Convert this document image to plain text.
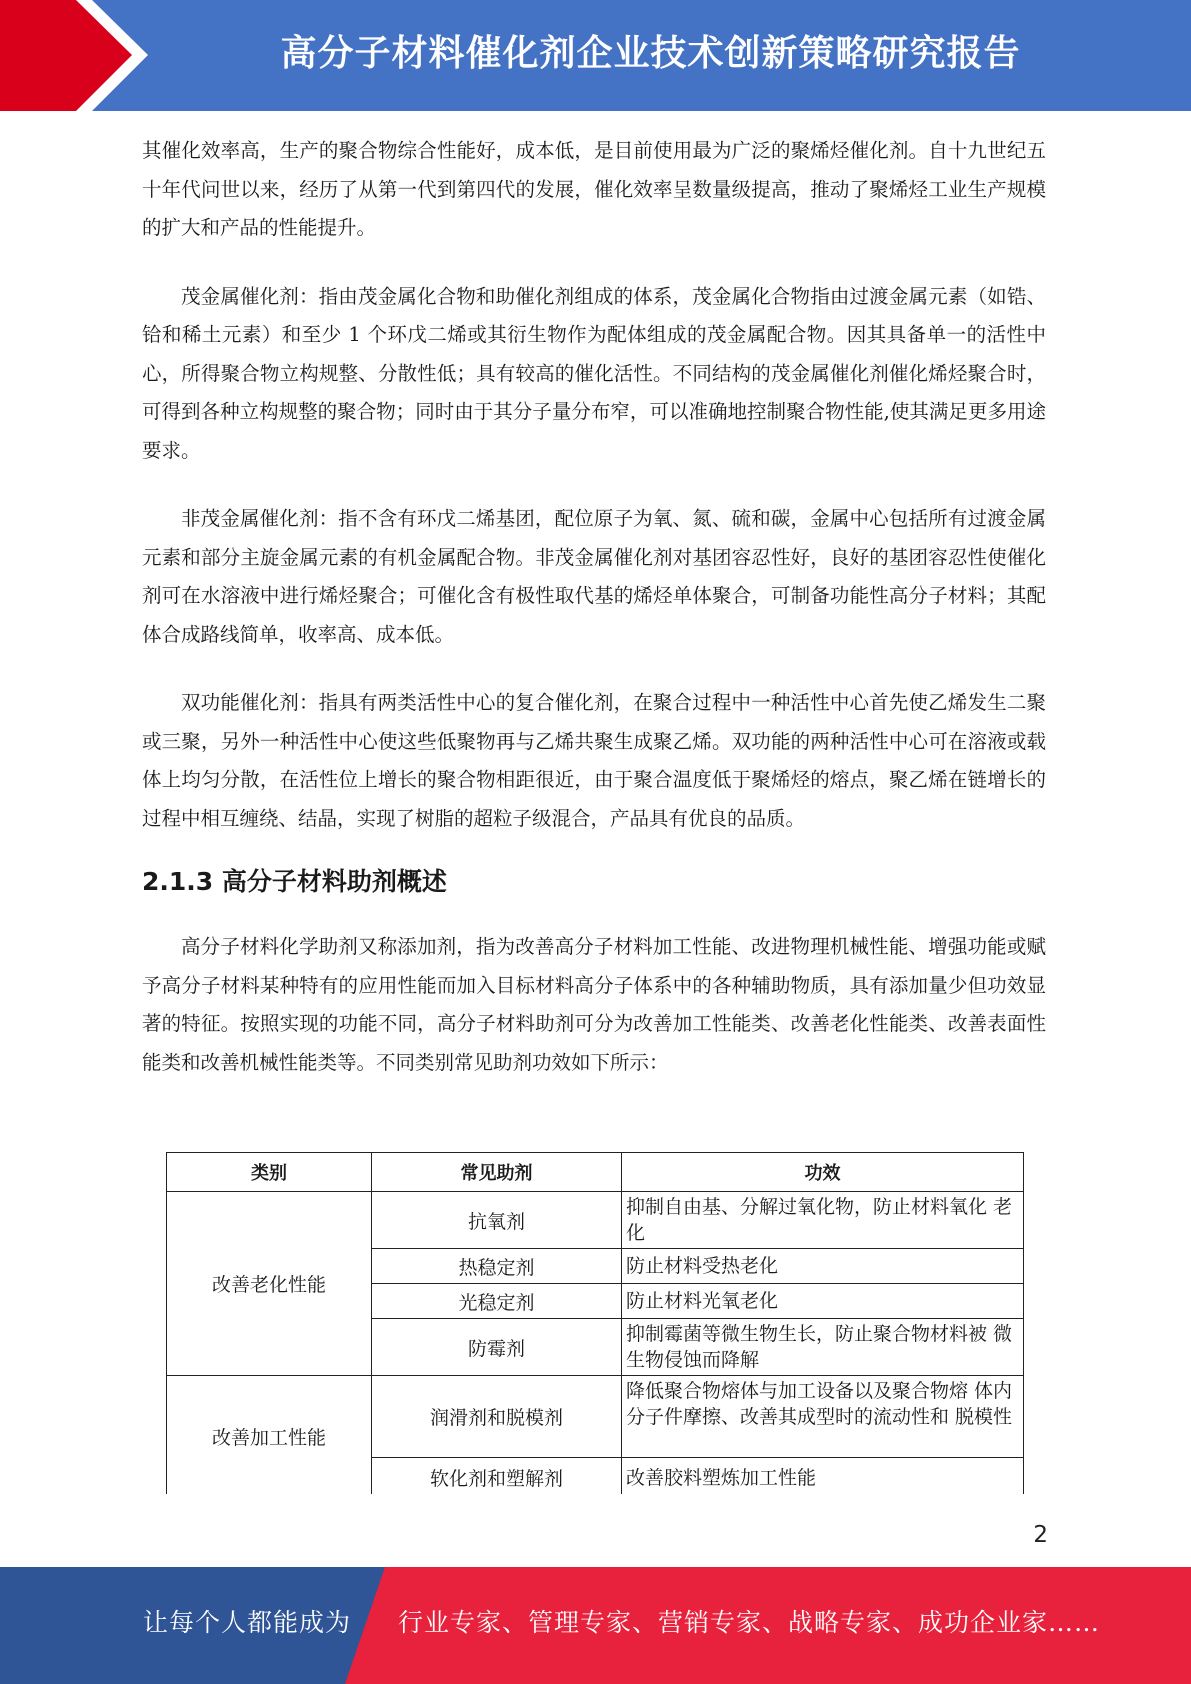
高分子材料催化剂企业技术创新策略研究报告

其催化效率高，生产的聚合物综合性能好，成本低，是目前使用最为广泛的聚烯烃催化剂。自十九世纪五十年代问世以来，经历了从第一代到第四代的发展，催化效率呈数量级提高，推动了聚烯烃工业生产规模的扩大和产品的性能提升。

茂金属催化剂：指由茂金属化合物和助催化剂组成的体系，茂金属化合物指由过渡金属元素（如锆、铪和稀土元素）和至少 1 个环戊二烯或其衍生物作为配体组成的茂金属配合物。因其具备单一的活性中心，所得聚合物立构规整、分散性低；具有较高的催化活性。不同结构的茂金属催化剂催化烯烃聚合时，可得到各种立构规整的聚合物；同时由于其分子量分布窄，可以准确地控制聚合物性能,使其满足更多用途要求。

非茂金属催化剂：指不含有环戊二烯基团，配位原子为氧、氮、硫和碳，金属中心包括所有过渡金属元素和部分主旋金属元素的有机金属配合物。非茂金属催化剂对基团容忍性好，良好的基团容忍性使催化剂可在水溶液中进行烯烃聚合；可催化含有极性取代基的烯烃单体聚合，可制备功能性高分子材料；其配体合成路线简单，收率高、成本低。

双功能催化剂：指具有两类活性中心的复合催化剂，在聚合过程中一种活性中心首先使乙烯发生二聚或三聚，另外一种活性中心使这些低聚物再与乙烯共聚生成聚乙烯。双功能的两种活性中心可在溶液或载体上均匀分散，在活性位上增长的聚合物相距很近，由于聚合温度低于聚烯烃的熔点，聚乙烯在链增长的过程中相互缠绕、结晶，实现了树脂的超粒子级混合，产品具有优良的品质。

2.1.3 高分子材料助剂概述

高分子材料化学助剂又称添加剂，指为改善高分子材料加工性能、改进物理机械性能、增强功能或赋予高分子材料某种特有的应用性能而加入目标材料高分子体系中的各种辅助物质，具有添加量少但功效显著的特征。按照实现的功能不同，高分子材料助剂可分为改善加工性能类、改善老化性能类、改善表面性能类和改善机械性能类等。不同类别常见助剂功效如下所示：

类别	常见助剂	功效
改善老化性能	抗氧剂	抑制自由基、分解过氧化物，防止材料氧化 老化
	热稳定剂	防止材料受热老化
	光稳定剂	防止材料光氧老化
	防霉剂	抑制霉菌等微生物生长，防止聚合物材料被 微生物侵蚀而降解
改善加工性能	润滑剂和脱模剂	降低聚合物熔体与加工设备以及聚合物熔 体内分子件摩擦、改善其成型时的流动性和 脱模性
	软化剂和塑解剂	改善胶料塑炼加工性能
2
让每个人都能成为 行业专家、管理专家、营销专家、战略专家、成功企业家……
